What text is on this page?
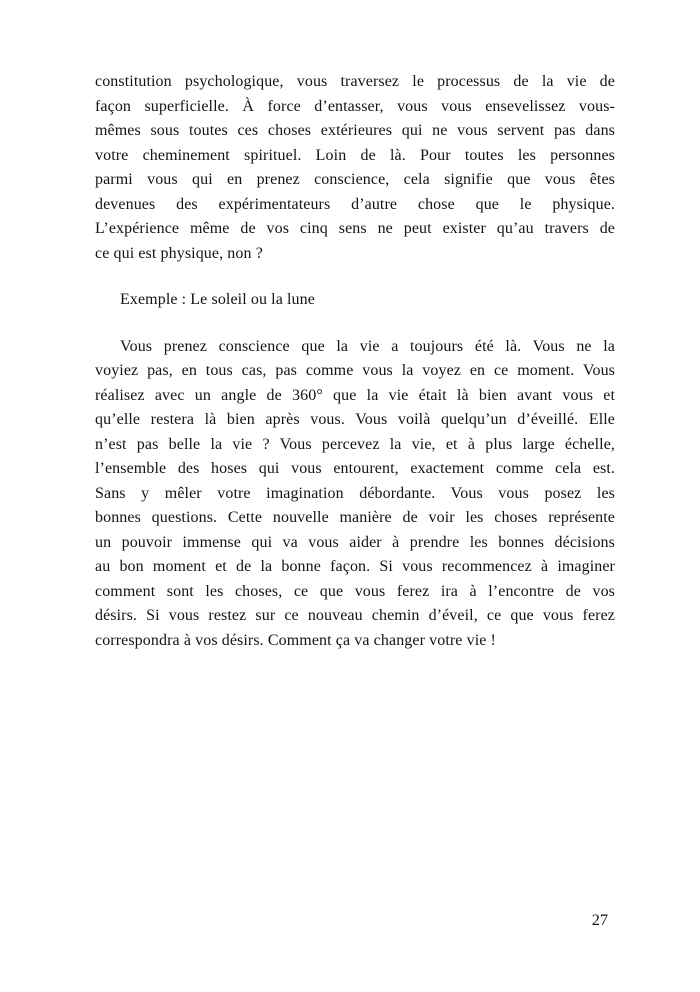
constitution psychologique, vous traversez le processus de la vie de
façon superficielle. À force d’entasser, vous vous ensevelissez vous-
mêmes sous toutes ces choses extérieures qui ne vous servent pas dans
votre cheminement spirituel. Loin de là. Pour toutes les personnes
parmi vous qui en prenez conscience, cela signifie que vous êtes
devenues des expérimentateurs d’autre chose que le physique.
L’expérience même de vos cinq sens ne peut exister qu’au travers de
ce qui est physique, non ?
Exemple : Le soleil ou la lune
Vous prenez conscience que la vie a toujours été là. Vous ne la
voyiez pas, en tous cas, pas comme vous la voyez en ce moment. Vous
réalisez avec un angle de 360° que la vie était là bien avant vous et
qu’elle restera là bien après vous. Vous voilà quelqu’un d’éveillé. Elle
n’est pas belle la vie ? Vous percevez la vie, et à plus large échelle,
l’ensemble des hoses qui vous entourent, exactement comme cela est.
Sans y mêler votre imagination débordante. Vous vous posez les
bonnes questions. Cette nouvelle manière de voir les choses représente
un pouvoir immense qui va vous aider à prendre les bonnes décisions
au bon moment et de la bonne façon. Si vous recommencez à imaginer
comment sont les choses, ce que vous ferez ira à l’encontre de vos
désirs. Si vous restez sur ce nouveau chemin d’éveil, ce que vous ferez
correspondra à vos désirs. Comment ça va changer votre vie !
27
